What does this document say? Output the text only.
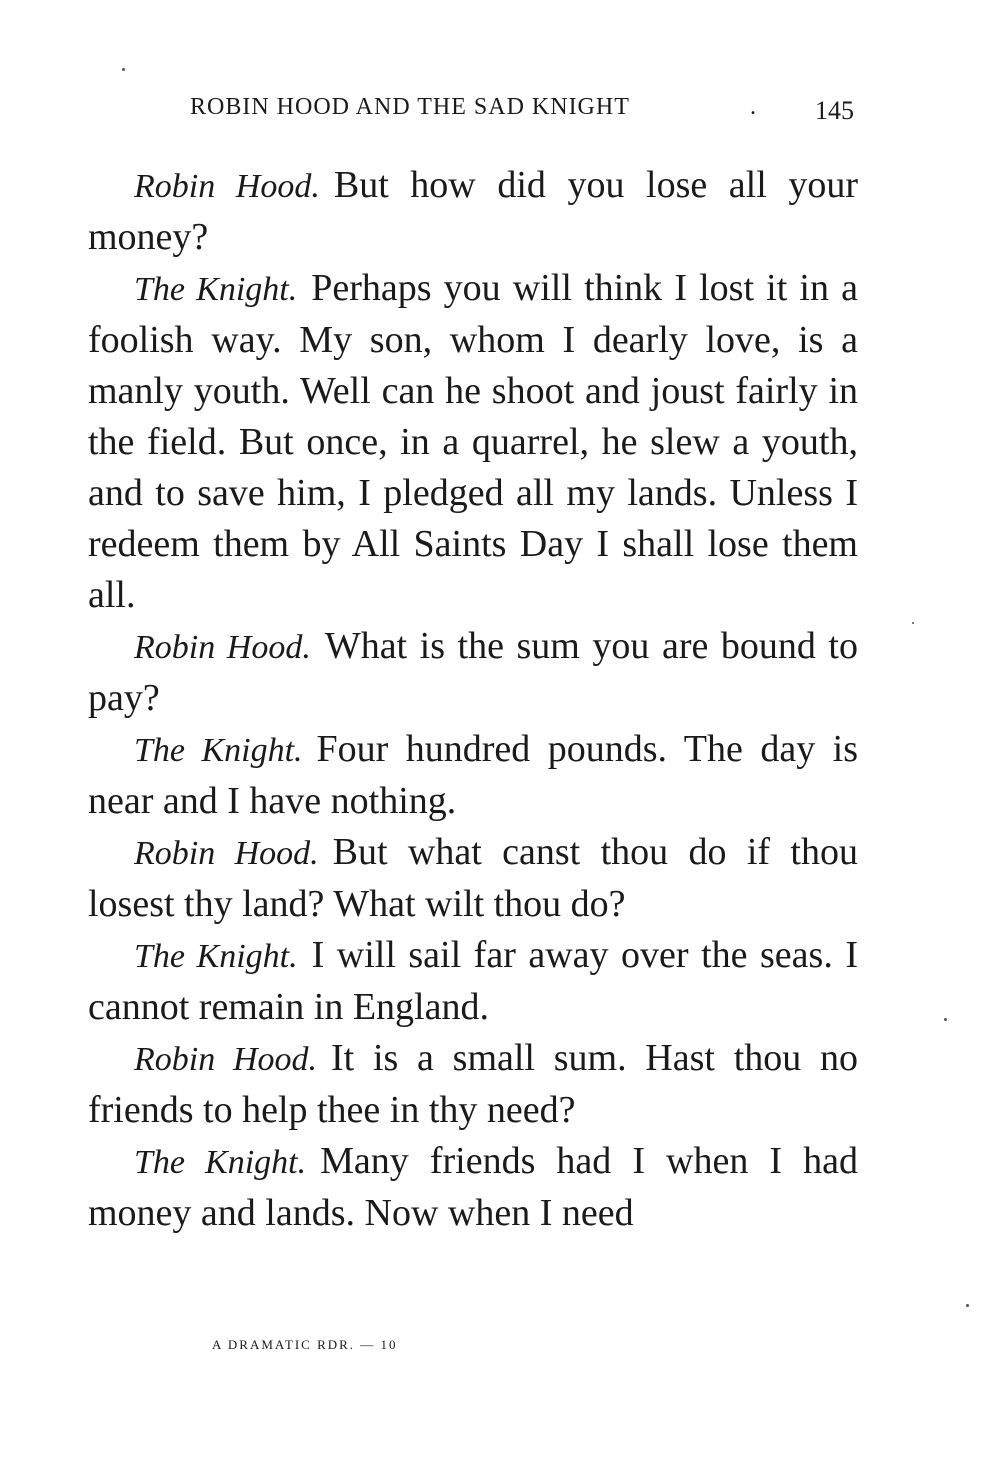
ROBIN HOOD AND THE SAD KNIGHT	. 145

Robin Hood. But how did you lose all your money?

The Knight. Perhaps you will think I lost it in a foolish way. My son, whom I dearly love, is a manly youth. Well can he shoot and joust fairly in the field. But once, in a quarrel, he slew a youth, and to save him, I pledged all my lands. Unless I redeem them by All Saints Day I shall lose them all.

Robin Hood. What is the sum you are bound to pay?

The Knight. Four hundred pounds. The day is near and I have nothing.

Robin Hood. But what canst thou do if thou losest thy land? What wilt thou do?

The Knight. I will sail far away over the seas. I cannot remain in England.

Robin Hood. It is a small sum. Hast thou no friends to help thee in thy need?

The Knight. Many friends had I when I had money and lands. Now when I need

A DRAMATIC RDR. — 10
